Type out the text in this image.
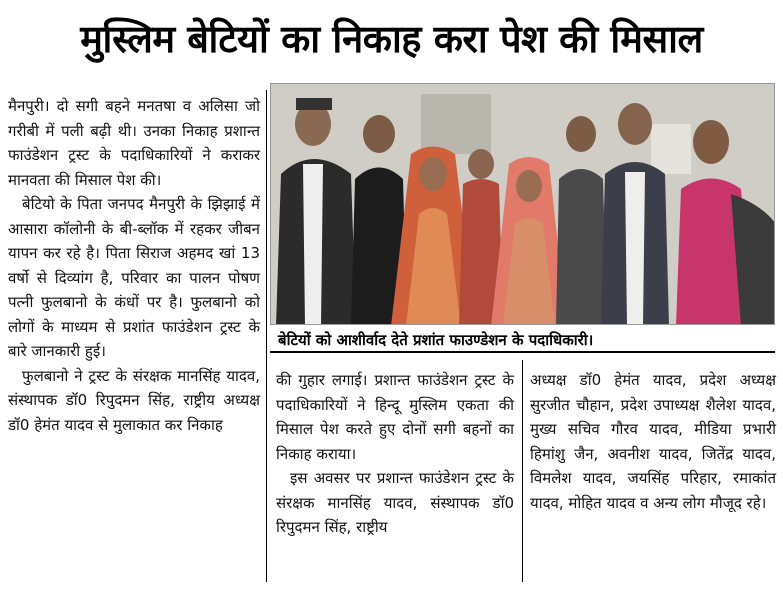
मुस्लिम बेटियों का निकाह करा पेश की मिसाल

मैनपुरी। दो सगी बहने मनतषा व अलिसा जो गरीबी में पली बढ़ी थी। उनका निकाह प्रशान्त फाउंडेशन ट्रस्ट के पदाधिकारियों ने कराकर मानवता की मिसाल पेश की।

बेटियो के पिता जनपद मैनपुरी के झिझाई में आसारा कॉलोनी के बी-ब्लॉक में रहकर जीबन यापन कर रहे है। पिता सिराज अहमद खां 13 वर्षो से दिव्यांग है, परिवार का पालन पोषण पत्नी फुलबानो के कंधों पर है। फुलबानो को लोगों के माध्यम से प्रशांत फाउंडेशन ट्रस्ट के बारे जानकारी हुई।

फुलबानो ने ट्रस्ट के संरक्षक मानसिंह यादव, संस्थापक डॉ0 रिपुदमन सिंह, राष्ट्रीय अध्यक्ष डॉ0 हेमंत यादव से मुलाकात कर निकाह

बेटियों को आशीर्वाद देते प्रशांत फाउण्डेशन के पदाधिकारी।

की गुहार लगाई। प्रशान्त फाउंडेशन ट्रस्ट के पदाधिकारियों ने हिन्दू मुस्लिम एकता की मिसाल पेश करते हुए दोनों सगी बहनों का निकाह कराया।

इस अवसर पर प्रशान्त फाउंडेशन ट्रस्ट के संरक्षक मानसिंह यादव, संस्थापक डॉ0 रिपुदमन सिंह, राष्ट्रीय

अध्यक्ष डॉ0 हेमंत यादव, प्रदेश अध्यक्ष सुरजीत चौहान, प्रदेश उपाध्यक्ष शैलेश यादव, मुख्य सचिव गौरव यादव, मीडिया प्रभारी हिमांशु जैन, अवनीश यादव, जितेंद्र यादव, विमलेश यादव, जयसिंह परिहार, रमाकांत यादव, मोहित यादव व अन्य लोग मौजूद रहे।
